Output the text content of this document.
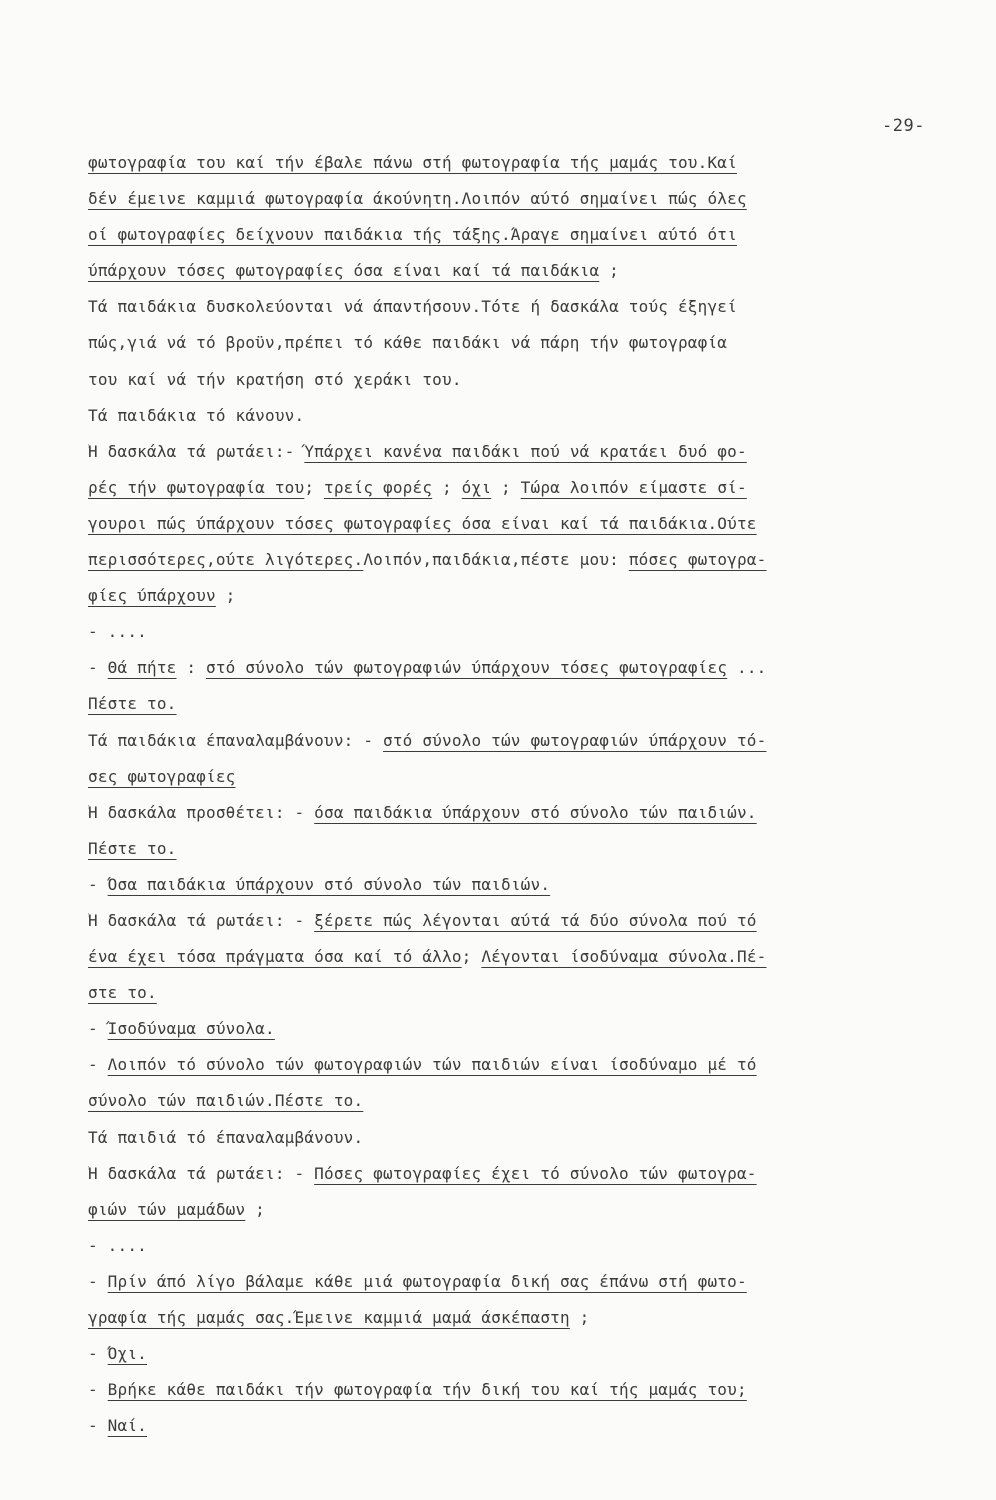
-29-
φωτογραφία του καί τήν έβαλε πάνω στή φωτογραφία τής μαμάς του.Καί
δέν έμεινε καμμιά φωτογραφία άκούνητη.Λοιπόν αύτό σημαίνει πώς όλες
οί φωτογραφίες δείχνουν παιδάκια τής τάξης.Άραγε σημαίνει αύτό ότι
ύπάρχουν τόσες φωτογραφίες όσα είναι καί τά παιδάκια ;
Τά παιδάκια δυσκολεύονται νά άπαντήσουν.Τότε ή δασκάλα τούς έξηγεί
πώς,γιά νά τό βροϋν,πρέπει τό κάθε παιδάκι νά πάρη τήν φωτογραφία
του καί νά τήν κρατήση στό χεράκι του.
Τά παιδάκια τό κάνουν.
Ἡ δασκάλα τά ρωτάει:- Ύπάρχει κανένα παιδάκι πού νά κρατάει δυό φο-
ρές τήν φωτογραφία του; τρείς φορές ; όχι ; Τώρα λοιπόν είμαστε σί-
γουροι πώς ύπάρχουν τόσες φωτογραφίες όσα είναι καί τά παιδάκια.Ούτε
περισσότερες,ούτε λιγότερες.Λοιπόν,παιδάκια,πέστε μου: πόσες φωτογρα-
φίες ύπάρχουν ;
- ....
- Θά πήτε : στό σύνολο τών φωτογραφιών ύπάρχουν τόσες φωτογραφίες ...
Πέστε το.
Τά παιδάκια έπαναλαμβάνουν: - στό σύνολο τών φωτογραφιών ύπάρχουν τό-
σες φωτογραφίες
Ἡ δασκάλα προσθέτει: - όσα παιδάκια ύπάρχουν στό σύνολο τών παιδιών.
Πέστε το.
- Όσα παιδάκια ύπάρχουν στό σύνολο τών παιδιών.
Ἡ δασκάλα τά ρωτάει: - ξέρετε πώς λέγονται αύτά τά δύο σύνολα πού τό
ένα έχει τόσα πράγματα όσα καί τό άλλο; Λέγονται ίσοδύναμα σύνολα.Πέ-
στε το.
- Ίσοδύναμα σύνολα.
- Λοιπόν τό σύνολο τών φωτογραφιών τών παιδιών είναι ίσοδύναμο μέ τό
σύνολο τών παιδιών.Πέστε το.
Τά παιδιά τό έπαναλαμβάνουν.
Ἡ δασκάλα τά ρωτάει: - Πόσες φωτογραφίες έχει τό σύνολο τών φωτογρα-
φιών τών μαμάδων ;
- ....
- Πρίν άπό λίγο βάλαμε κάθε μιά φωτογραφία δική σας έπάνω στή φωτο-
γραφία τής μαμάς σας.Έμεινε καμμιά μαμά άσκέπαστη ;
- Όχι.
- Βρήκε κάθε παιδάκι τήν φωτογραφία τήν δική του καί τής μαμάς του;
- Ναί.
